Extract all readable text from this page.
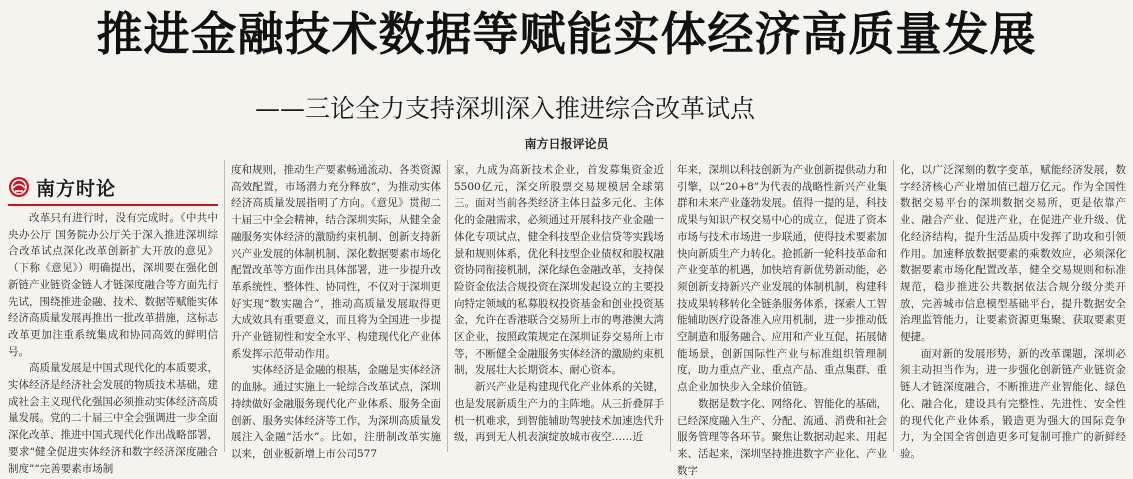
推进金融技术数据等赋能实体经济高质量发展
——三论全力支持深圳深入推进综合改革试点
南方日报评论员
南方时论

改革只有进行时，没有完成时。《中共中央办公厅 国务院办公厅关于深入推进深圳综合改革试点深化改革创新扩大开放的意见》（下称《意见》）明确提出，深圳要在强化创新链产业链资金链人才链深度融合等方面先行先试，围绕推进金融、技术、数据等赋能实体经济高质量发展再推出一批改革措施，这标志改革更加注重系统集成和协同高效的鲜明信号。

高质量发展是中国式现代化的本质要求，实体经济是经济社会发展的物质技术基础，建成社会主义现代化强国必须推动实体经济高质量发展。党的二十届三中全会强调进一步全面深化改革、推进中国式现代化作出战略部署，要求“健全促进实体经济和数字经济深度融合制度”“完善要素市场制

度和规则，推动生产要素畅通流动、各类资源高效配置，市场潜力充分释放”，为推动实体经济高质量发展指明了方向。《意见》贯彻二十届三中全会精神，结合深圳实际，从健全金融服务实体经济的激励约束机制、创新支持新兴产业发展的体制机制、深化数据要素市场化配置改革等方面作出具体部署，进一步提升改革系统性、整体性、协同性，不仅对于深圳更好实现“数实融合”，推动高质量发展取得更大成效具有重要意义，而且将为全国进一步提升产业链韧性和安全水平、构建现代化产业体系发挥示范带动作用。

实体经济是金融的根基，金融是实体经济的血脉。通过实施上一轮综合改革试点，深圳持续做好金融服务现代化产业体系、服务全面创新、服务实体经济等工作，为深圳高质量发展注入金融“活水”。比如，注册制改革实施以来，创业板新增上市公司577

家，九成为高新技术企业，首发募集资金近5500亿元，深交所股票交易规模居全球第三。面对当前各类经济主体日益多元化、主体化的金融需求，必须通过开展科技产业金融一体化专项试点，健全科技型企业信贷等实践场景和规则体系，优化科技型企业债权和股权融资协同衔接机制，深化绿色金融改革，支持保险资金依法合规投资在深圳发起设立的主要投向特定领域的私募股权投资基金和创业投资基金，允许在香港联合交易所上市的粤港澳大湾区企业，按照政策规定在深圳证券交易所上市等，不断健全金融服务实体经济的激励约束机制，发展壮大长期资本、耐心资本。

新兴产业是构建现代化产业体系的关键，也是发展新质生产力的主阵地。从三折叠屏手机一机难求，到智能辅助驾驶技术加速迭代升级，再到无人机表演绽放城市夜空……近

年来，深圳以科技创新为产业创新提供动力和引擎，以“20+8”为代表的战略性新兴产业集群和未来产业蓬勃发展。值得一提的是，科技成果与知识产权交易中心的成立，促进了资本市场与技术市场进一步联通，使得技术要素加快向新质生产力转化。抢抓新一轮科技革命和产业变革的机遇，加快培育新优势新动能，必须创新支持新兴产业发展的体制机制，构建科技成果转移转化全链条服务体系，探索人工智能辅助医疗设备准入应用机制，进一步推动低空制造和服务融合、应用和产业互促，拓展储能场景，创新国际性产业与标准组织管理制度，助力重点产业、重点产品、重点集群、重点企业加快步入全球价值链。

数据是数字化、网络化、智能化的基础，已经深度融入生产、分配、流通、消费和社会服务管理等各环节。聚焦让数据动起来、用起来、活起来，深圳坚持推进数字产业化、产业数字

化，以广泛深刻的数字变革，赋能经济发展，数字经济核心产业增加值已超万亿元。作为全国性数据交易平台的深圳数据交易所，更是依靠产业、融合产业、促进产业，在促进产业升级、优化经济结构，提升生活品质中发挥了助攻和引领作用。加速释放数据要素的乘数效应，必须深化数据要素市场化配置改革，健全交易规则和标准规范，稳步推进公共数据依法合规分级分类开放，完善城市信息模型基础平台，提升数据安全治理监管能力，让要素资源更集聚、获取要素更便捷。

面对新的发展形势，新的改革课题，深圳必须主动担当作为，进一步强化创新链产业链资金链人才链深度融合，不断推进产业智能化、绿色化、融合化，建设具有完整性、先进性、安全性的现代化产业体系，锻造更为强大的国际竞争力，为全国全省创造更多可复制可推广的新鲜经验。
